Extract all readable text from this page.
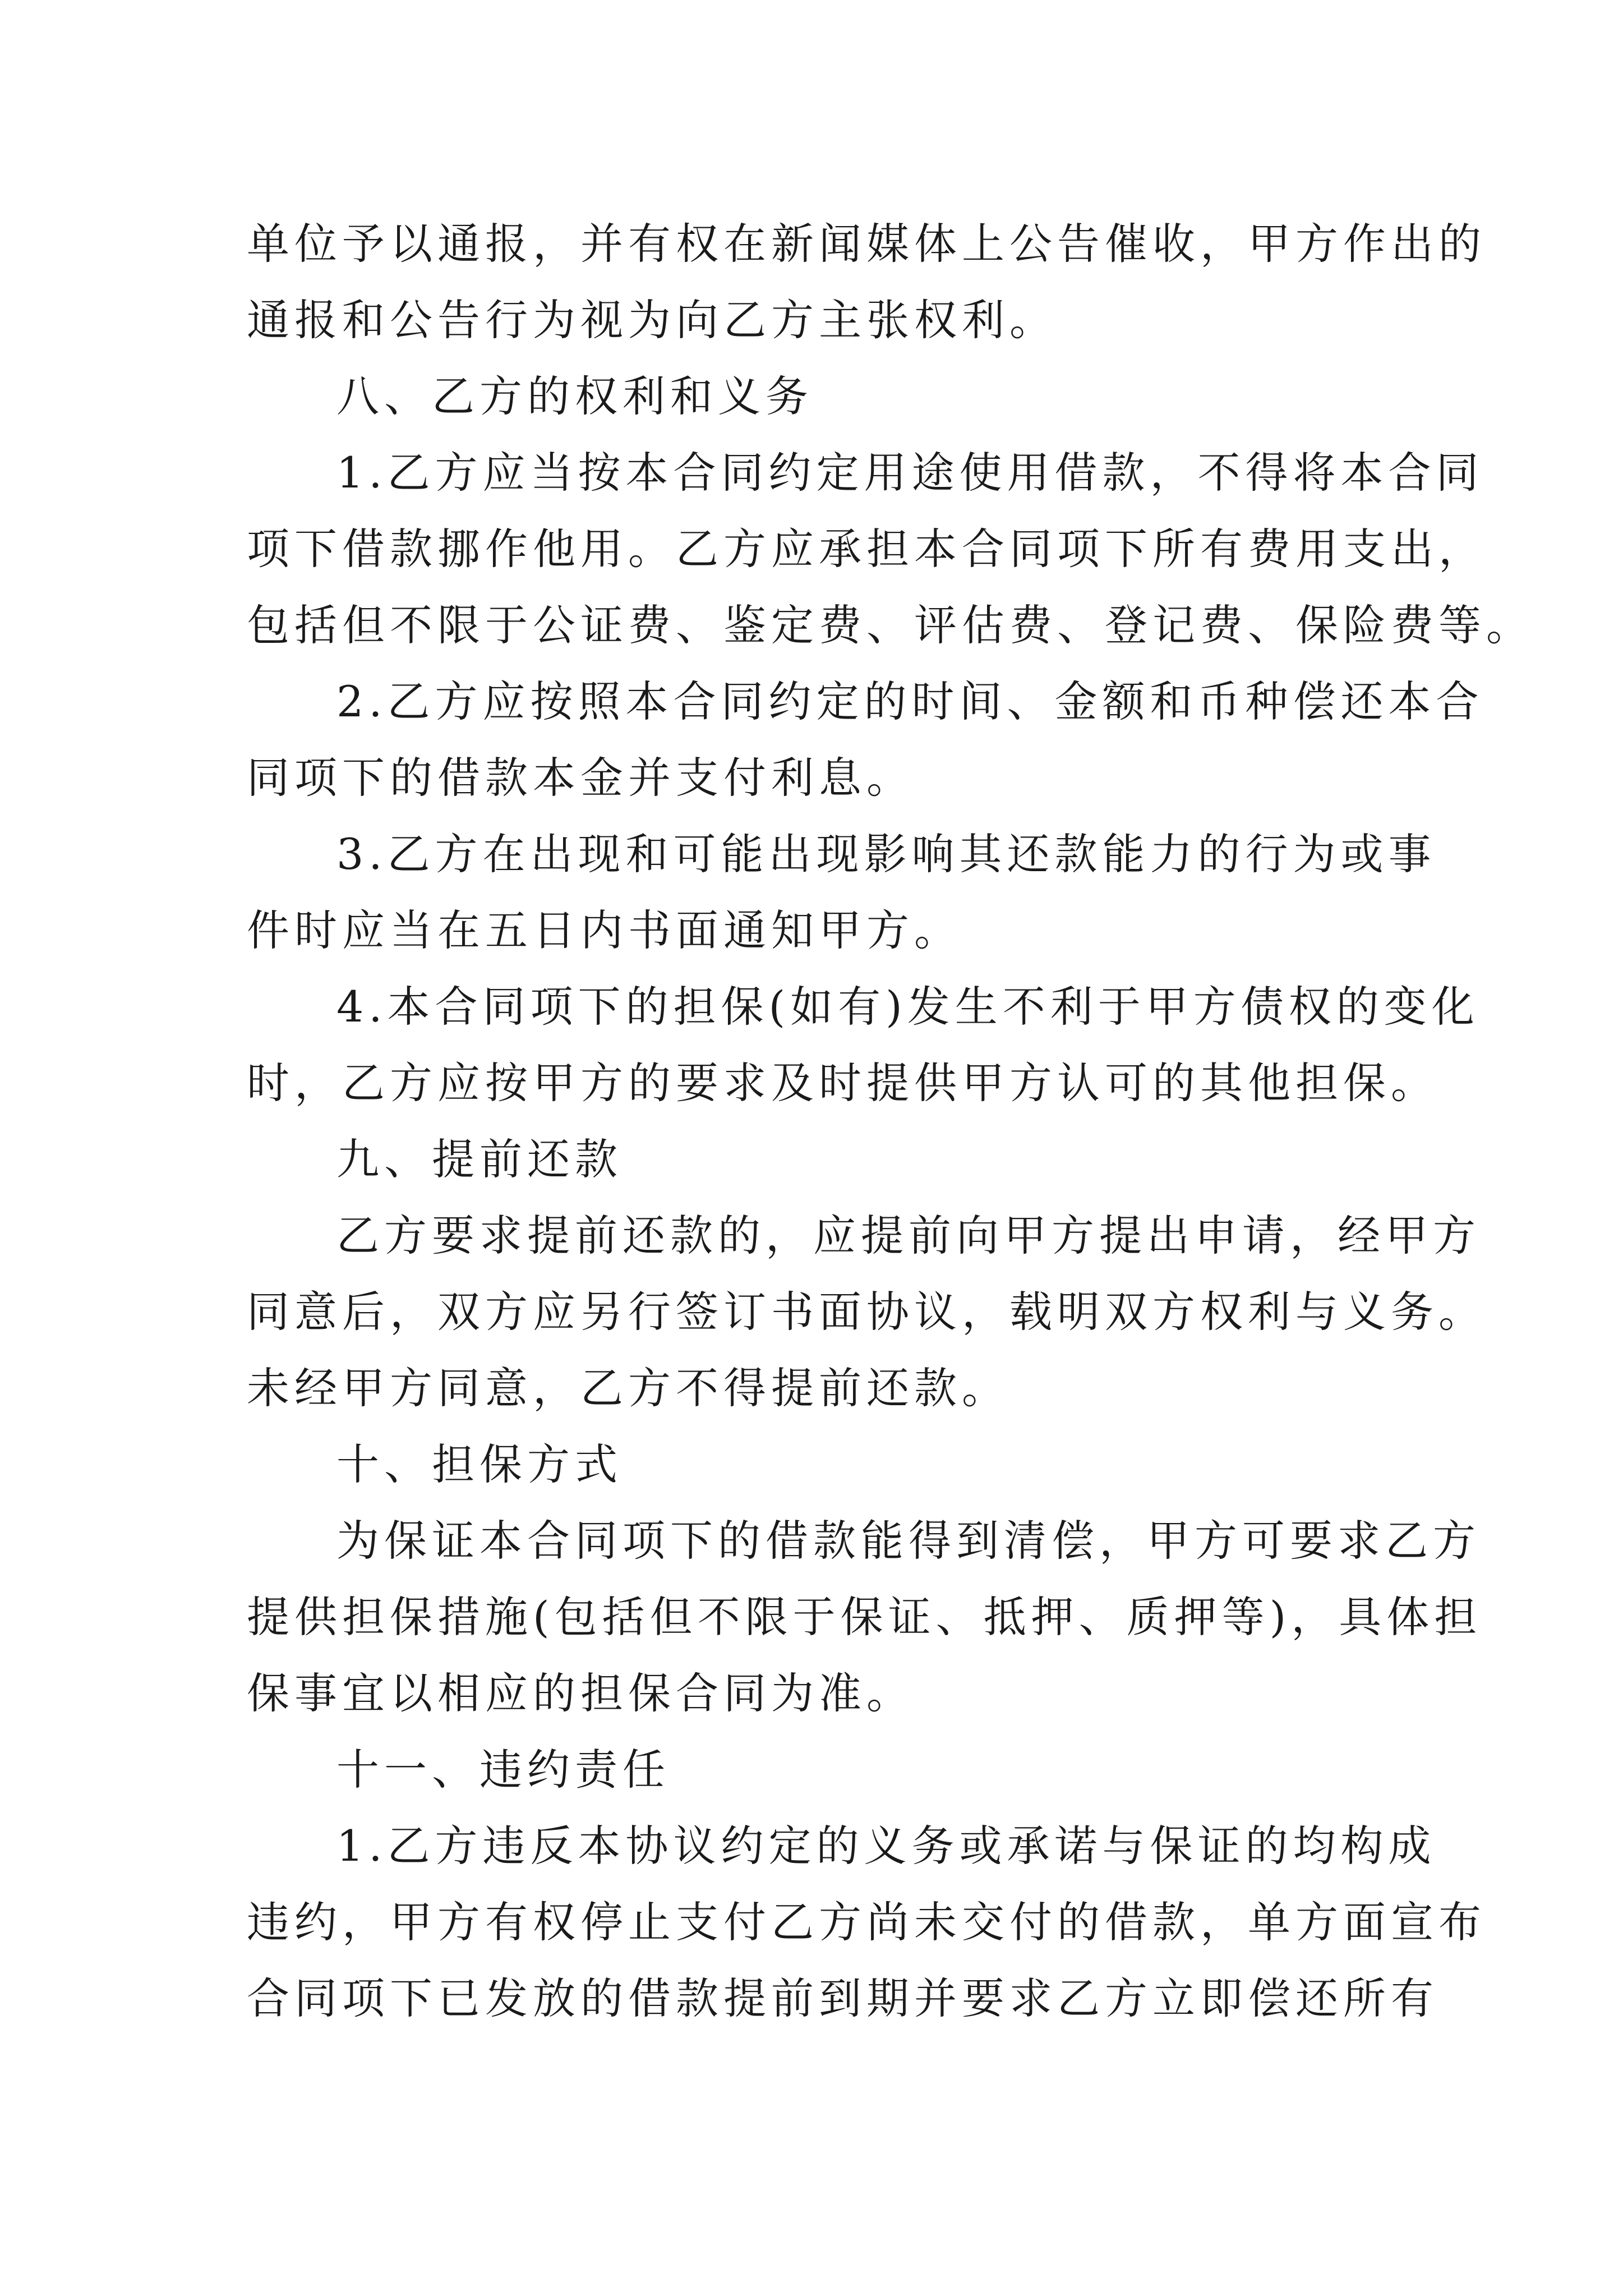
单位予以通报，并有权在新闻媒体上公告催收，甲方作出的
通报和公告行为视为向乙方主张权利。
八、乙方的权利和义务
1.乙方应当按本合同约定用途使用借款，不得将本合同
项下借款挪作他用。乙方应承担本合同项下所有费用支出，
包括但不限于公证费、鉴定费、评估费、登记费、保险费等。
2.乙方应按照本合同约定的时间、金额和币种偿还本合
同项下的借款本金并支付利息。
3.乙方在出现和可能出现影响其还款能力的行为或事
件时应当在五日内书面通知甲方。
4.本合同项下的担保(如有)发生不利于甲方债权的变化
时，乙方应按甲方的要求及时提供甲方认可的其他担保。
九、提前还款
乙方要求提前还款的，应提前向甲方提出申请，经甲方
同意后，双方应另行签订书面协议，载明双方权利与义务。
未经甲方同意，乙方不得提前还款。
十、担保方式
为保证本合同项下的借款能得到清偿，甲方可要求乙方
提供担保措施(包括但不限于保证、抵押、质押等)，具体担
保事宜以相应的担保合同为准。
十一、违约责任
1.乙方违反本协议约定的义务或承诺与保证的均构成
违约，甲方有权停止支付乙方尚未交付的借款，单方面宣布
合同项下已发放的借款提前到期并要求乙方立即偿还所有
